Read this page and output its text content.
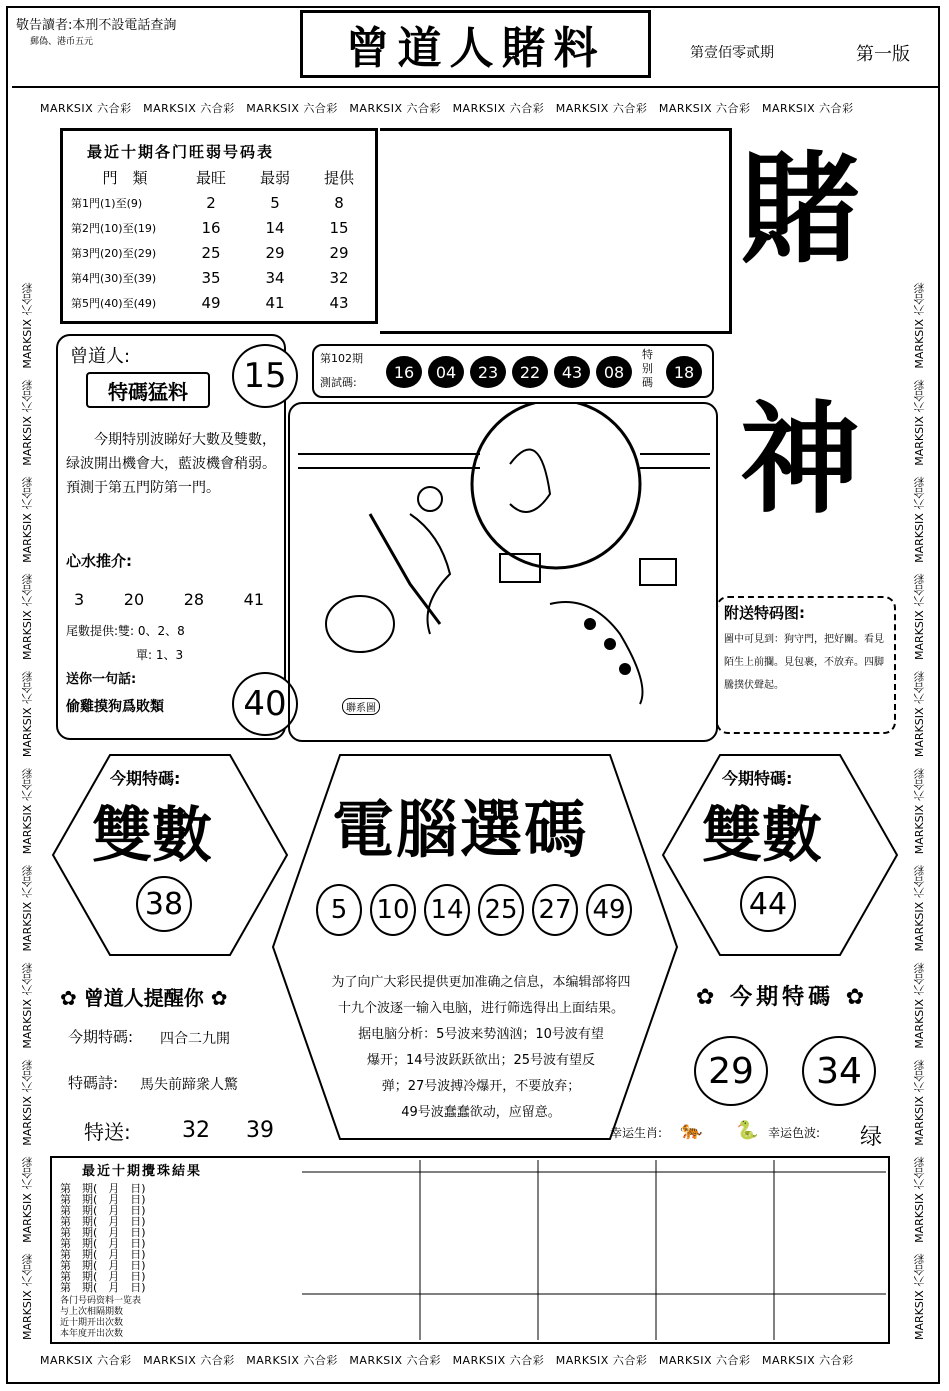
敬告讀者:本刑不設電話查詢
郵偽、港币五元	曾道人賭料	第壹佰零贰期	第一版
MARKSIX 六合彩　 MARKSIX 六合彩　 MARKSIX 六合彩　 MARKSIX 六合彩　 MARKSIX 六合彩　 MARKSIX 六合彩　 MARKSIX 六合彩　 MARKSIX 六合彩
MARKSIX 六合彩　 MARKSIX 六合彩　 MARKSIX 六合彩　 MARKSIX 六合彩　 MARKSIX 六合彩　 MARKSIX 六合彩　 MARKSIX 六合彩　 MARKSIX 六合彩
MARKSIX 六合彩　MARKSIX 六合彩　MARKSIX 六合彩　MARKSIX 六合彩　MARKSIX 六合彩　MARKSIX 六合彩　MARKSIX 六合彩　MARKSIX 六合彩　MARKSIX 六合彩　MARKSIX 六合彩　MARKSIX 六合彩
MARKSIX 六合彩　MARKSIX 六合彩　MARKSIX 六合彩　MARKSIX 六合彩　MARKSIX 六合彩　MARKSIX 六合彩　MARKSIX 六合彩　MARKSIX 六合彩　MARKSIX 六合彩　MARKSIX 六合彩　MARKSIX 六合彩
最近十期各门旺弱号码表
門　類	最旺	最弱	提供
第1門(1)至(9)	2	5	8
第2門(10)至(19)	16	14	15
第3門(20)至(29)	25	29	29
第4門(30)至(39)	35	34	32
第5門(40)至(49)	49	41	43
賭
神
曾道人:
特碼猛料
今期特別波睇好大數及雙數，绿波開出機會大，藍波機會稍弱。預測于第五門防第一門。
心水推介:
3 20 28 41
尾數提供:雙: 0、2、8
單: 1、3
送你一句話:
偷雞摸狗爲敗類
15
40
第102期
測試碼:
16	04	23	22	43	08
特别碼
18
聯系圖
附送特码图:
圖中可見到：狗守門，把好關。看見陌生上前攔。見包裹，不放弃。四脚騰撲伏聲起。
今期特碼:
雙數
38
今期特碼:
雙數
44
電腦選碼
5	10 14 25 27 49
为了向广大彩民提供更加准确之信息，本编辑部将四
十九个波逐一输入电脑，进行筛选得出上面结果。
据电脑分析：5号波来势汹汹；10号波有望
爆开；14号波跃跃欲出；25号波有望反
弹；27号波搏冷爆开，不要放弃；
49号波蠢蠢欲动，应留意。
✿ 曾道人提醒你 ✿
今期特碼: 四合二九開
特碼詩: 馬失前蹄衆人驚
特送: 32 39
✿ 今期特碼 ✿
29	34
幸运生肖: 🐅 🐍 幸运色波: 绿
最近十期攪珠結果
第　期(　月　日)
第　期(　月　日)
第　期(　月　日)
第　期(　月　日)
第　期(　月　日)
第　期(　月　日)
第　期(　月　日)
第　期(　月　日)
第　期(　月　日)
第　期(　月　日)
各门号码资料一览表
与上次相隔期数
近十期开出次数
本年度开出次数
